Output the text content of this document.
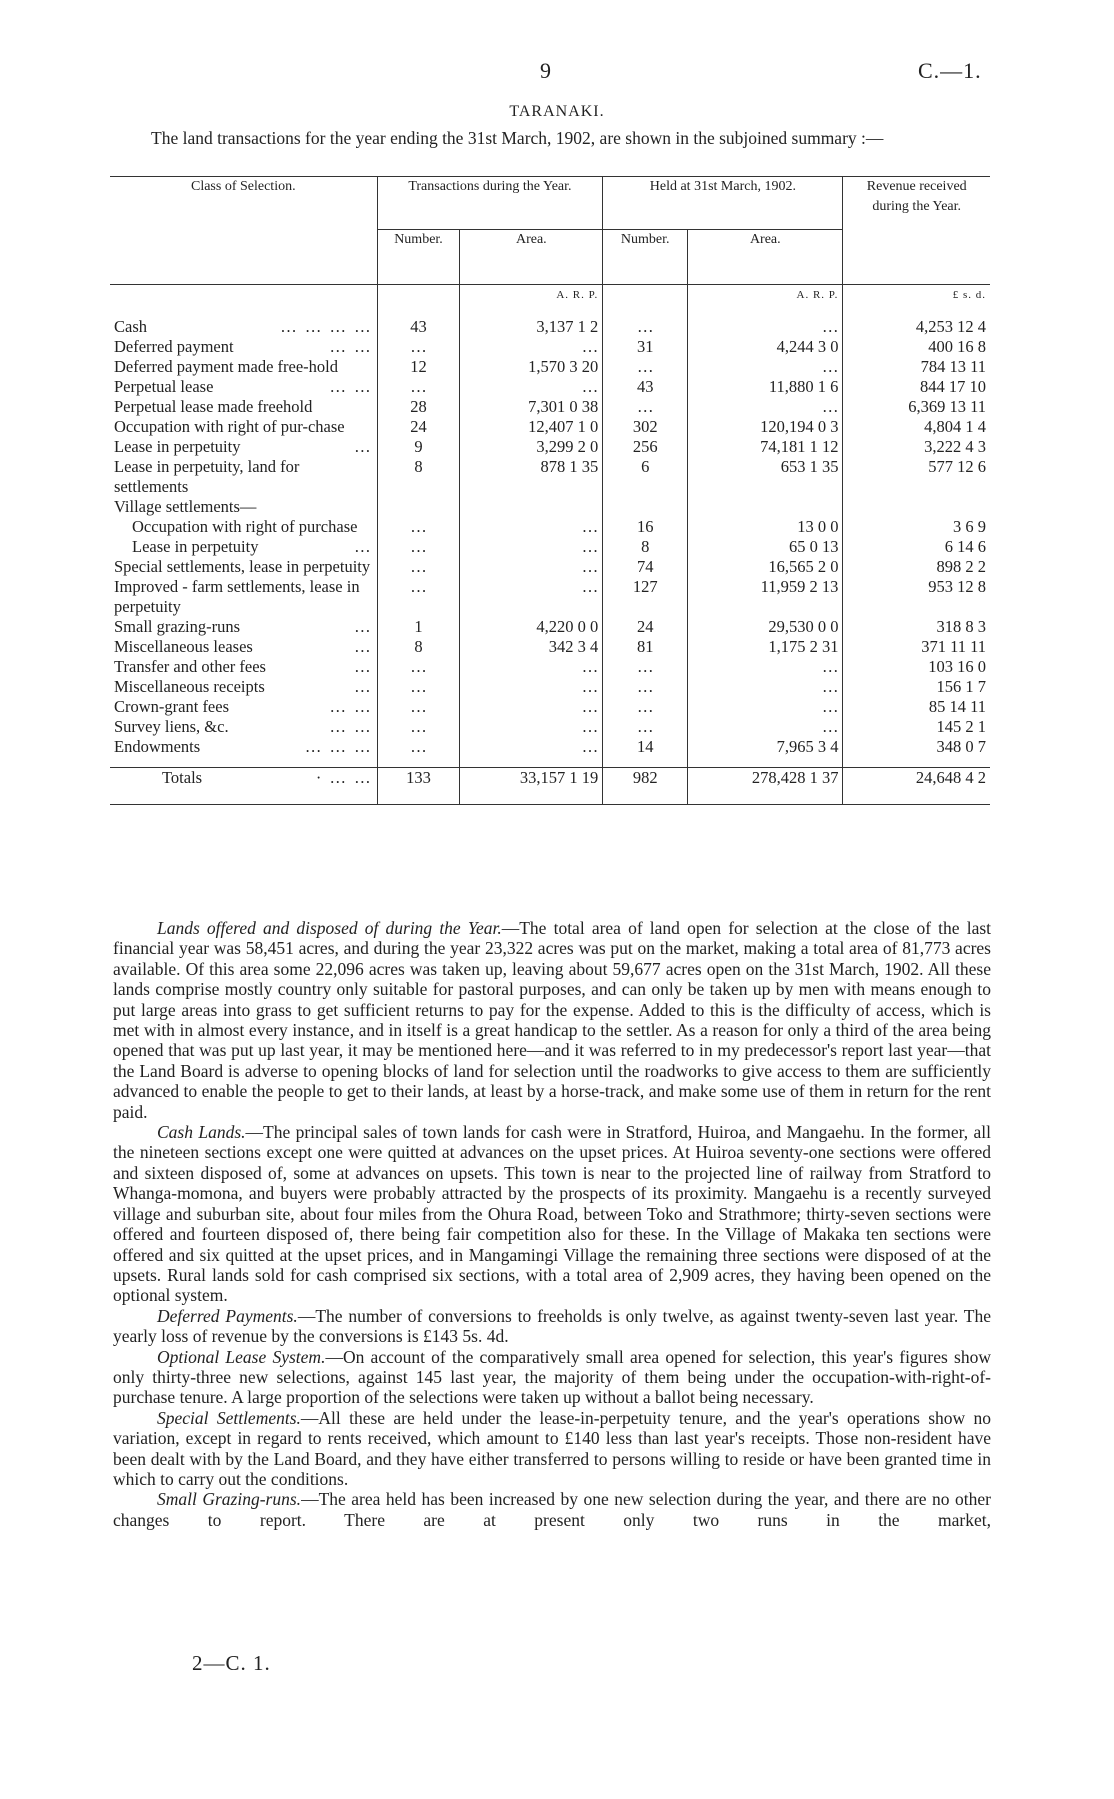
9	C.—1.
TARANAKI.
The land transactions for the year ending the 31st March, 1902, are shown in the subjoined summary :—
Class of Selection.	Transactions during the Year.		Held at 31st March, 1902.		Revenue received during the Year.
	Number.	Area.	Number.	Area.	
		A. R. P.		A. R. P.	£ s. d.
Cash … … … …	43	3,137 1 2	…	…	4,253 12 4
Deferred payment … …	…	…	31	4,244 3 0	400 16 8
Deferred payment made free-hold	12	1,570 3 20	…	…	784 13 11
Perpetual lease … …	…	…	43	11,880 1 6	844 17 10
Perpetual lease made freehold	28	7,301 0 38	…	…	6,369 13 11
Occupation with right of pur-chase	24	12,407 1 0	302	120,194 0 3	4,804 1 4
Lease in perpetuity …	9	3,299 2 0	256	74,181 1 12	3,222 4 3
Lease in perpetuity, land for settlements	8	878 1 35	6	653 1 35	577 12 6
Village settlements—					
Occupation with right of purchase	…	…	16	13 0 0	3 6 9
Lease in perpetuity …	…	…	8	65 0 13	6 14 6
Special settlements, lease in perpetuity	…	…	74	16,565 2 0	898 2 2
Improved - farm settlements, lease in perpetuity	…	…	127	11,959 2 13	953 12 8
Small grazing-runs …	1	4,220 0 0	24	29,530 0 0	318 8 3
Miscellaneous leases …	8	342 3 4	81	1,175 2 31	371 11 11
Transfer and other fees …	…	…	…	…	103 16 0
Miscellaneous receipts …	…	…	…	…	156 1 7
Crown-grant fees … …	…	…	…	…	85 14 11
Survey liens, &c. … …	…	…	…	…	145 2 1
Endowments … … …	…	…	14	7,965 3 4	348 0 7

Totals · … …	133	33,157 1 19	982	278,428 1 37	24,648 4 2

Lands offered and disposed of during the Year.—The total area of land open for selection at the close of the last financial year was 58,451 acres, and during the year 23,322 acres was put on the market, making a total area of 81,773 acres available. Of this area some 22,096 acres was taken up, leaving about 59,677 acres open on the 31st March, 1902. All these lands comprise mostly country only suitable for pastoral purposes, and can only be taken up by men with means enough to put large areas into grass to get sufficient returns to pay for the expense. Added to this is the difficulty of access, which is met with in almost every instance, and in itself is a great handicap to the settler. As a reason for only a third of the area being opened that was put up last year, it may be mentioned here—and it was referred to in my predecessor's report last year—that the Land Board is adverse to opening blocks of land for selection until the roadworks to give access to them are sufficiently advanced to enable the people to get to their lands, at least by a horse-track, and make some use of them in return for the rent paid.

Cash Lands.—The principal sales of town lands for cash were in Stratford, Huiroa, and Mangaehu. In the former, all the nineteen sections except one were quitted at advances on the upset prices. At Huiroa seventy-one sections were offered and sixteen disposed of, some at advances on upsets. This town is near to the projected line of railway from Stratford to Whanga-momona, and buyers were probably attracted by the prospects of its proximity. Mangaehu is a recently surveyed village and suburban site, about four miles from the Ohura Road, between Toko and Strathmore; thirty-seven sections were offered and fourteen disposed of, there being fair competition also for these. In the Village of Makaka ten sections were offered and six quitted at the upset prices, and in Mangamingi Village the remaining three sections were disposed of at the upsets. Rural lands sold for cash comprised six sections, with a total area of 2,909 acres, they having been opened on the optional system.

Deferred Payments.—The number of conversions to freeholds is only twelve, as against twenty-seven last year. The yearly loss of revenue by the conversions is £143 5s. 4d.

Optional Lease System.—On account of the comparatively small area opened for selection, this year's figures show only thirty-three new selections, against 145 last year, the majority of them being under the occupation-with-right-of-purchase tenure. A large proportion of the selections were taken up without a ballot being necessary.

Special Settlements.—All these are held under the lease-in-perpetuity tenure, and the year's operations show no variation, except in regard to rents received, which amount to £140 less than last year's receipts. Those non-resident have been dealt with by the Land Board, and they have either transferred to persons willing to reside or have been granted time in which to carry out the conditions.

Small Grazing-runs.—The area held has been increased by one new selection during the year, and there are no other changes to report. There are at present only two runs in the market,

2—C. 1.
